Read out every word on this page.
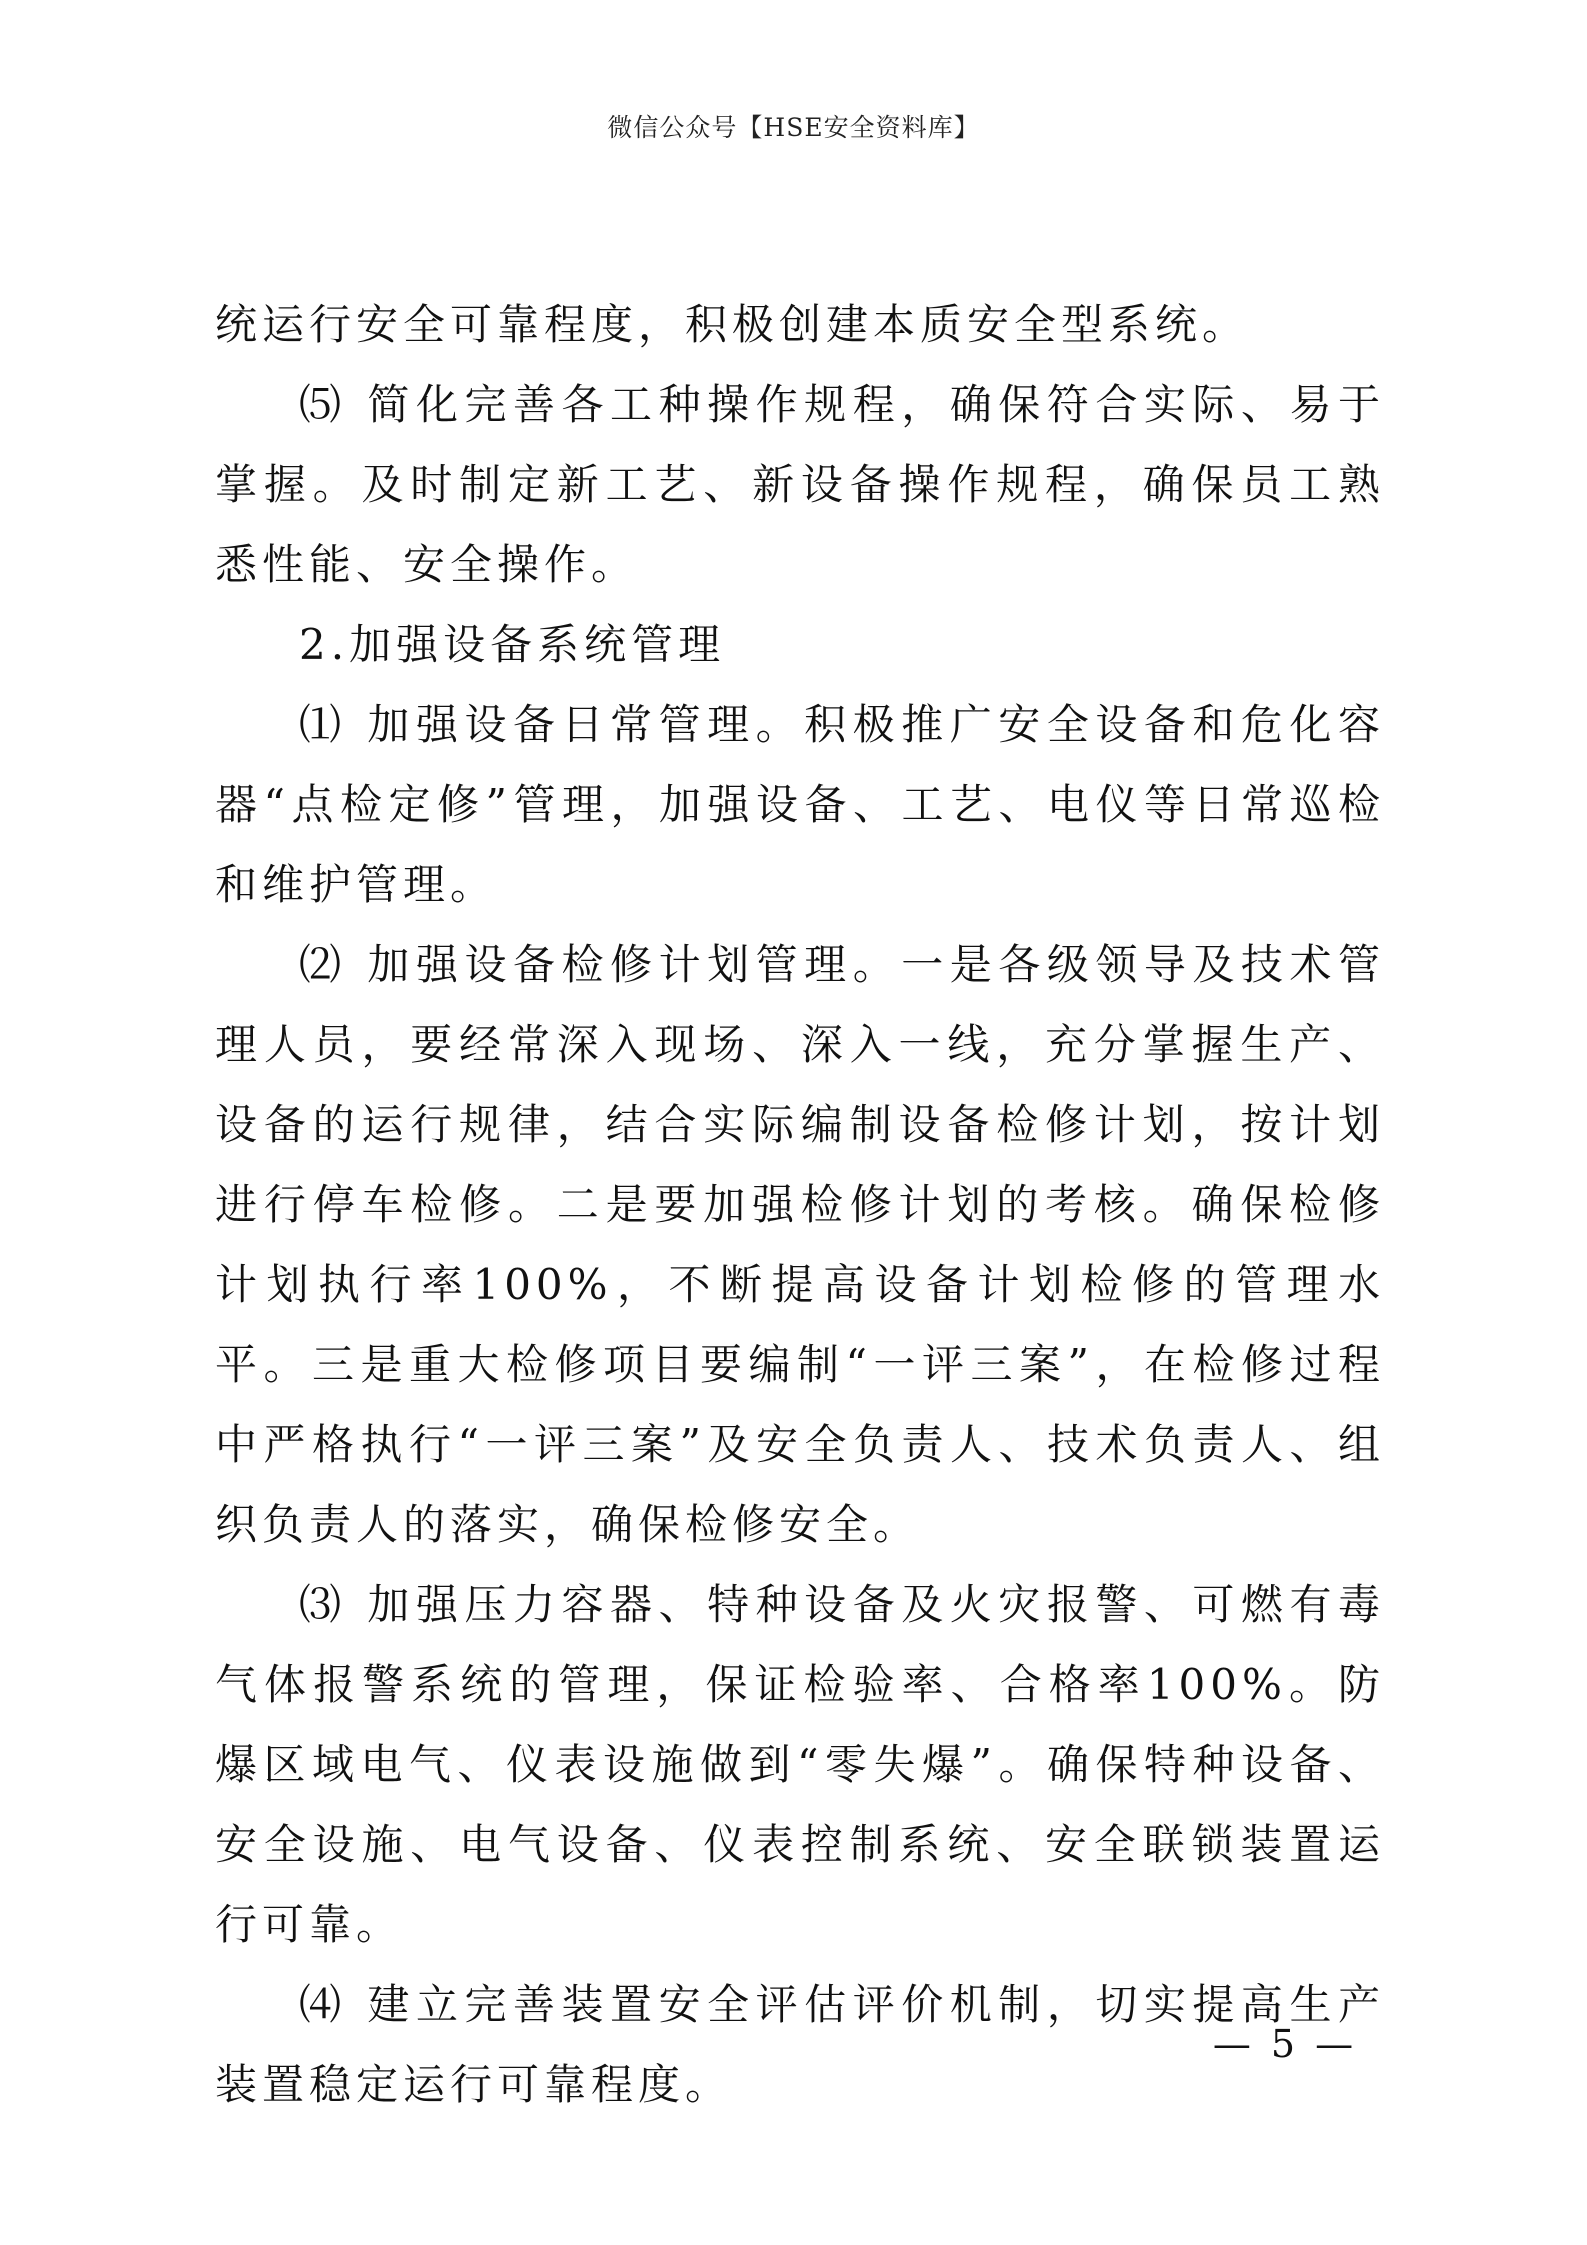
微信公众号【HSE安全资料库】

统运行安全可靠程度，积极创建本质安全型系统。

⑸ 简化完善各工种操作规程，确保符合实际、易于掌握。及时制定新工艺、新设备操作规程，确保员工熟悉性能、安全操作。

2.加强设备系统管理

⑴ 加强设备日常管理。积极推广安全设备和危化容器“点检定修”管理，加强设备、工艺、电仪等日常巡检和维护管理。

⑵ 加强设备检修计划管理。一是各级领导及技术管理人员，要经常深入现场、深入一线，充分掌握生产、设备的运行规律，结合实际编制设备检修计划，按计划进行停车检修。二是要加强检修计划的考核。确保检修计划执行率100%，不断提高设备计划检修的管理水平。三是重大检修项目要编制“一评三案”，在检修过程中严格执行“一评三案”及安全负责人、技术负责人、组织负责人的落实，确保检修安全。

⑶ 加强压力容器、特种设备及火灾报警、可燃有毒气体报警系统的管理，保证检验率、合格率100%。防爆区域电气、仪表设施做到“零失爆”。确保特种设备、安全设施、电气设备、仪表控制系统、安全联锁装置运行可靠。

⑷ 建立完善装置安全评估评价机制，切实提高生产装置稳定运行可靠程度。

— 5 —
